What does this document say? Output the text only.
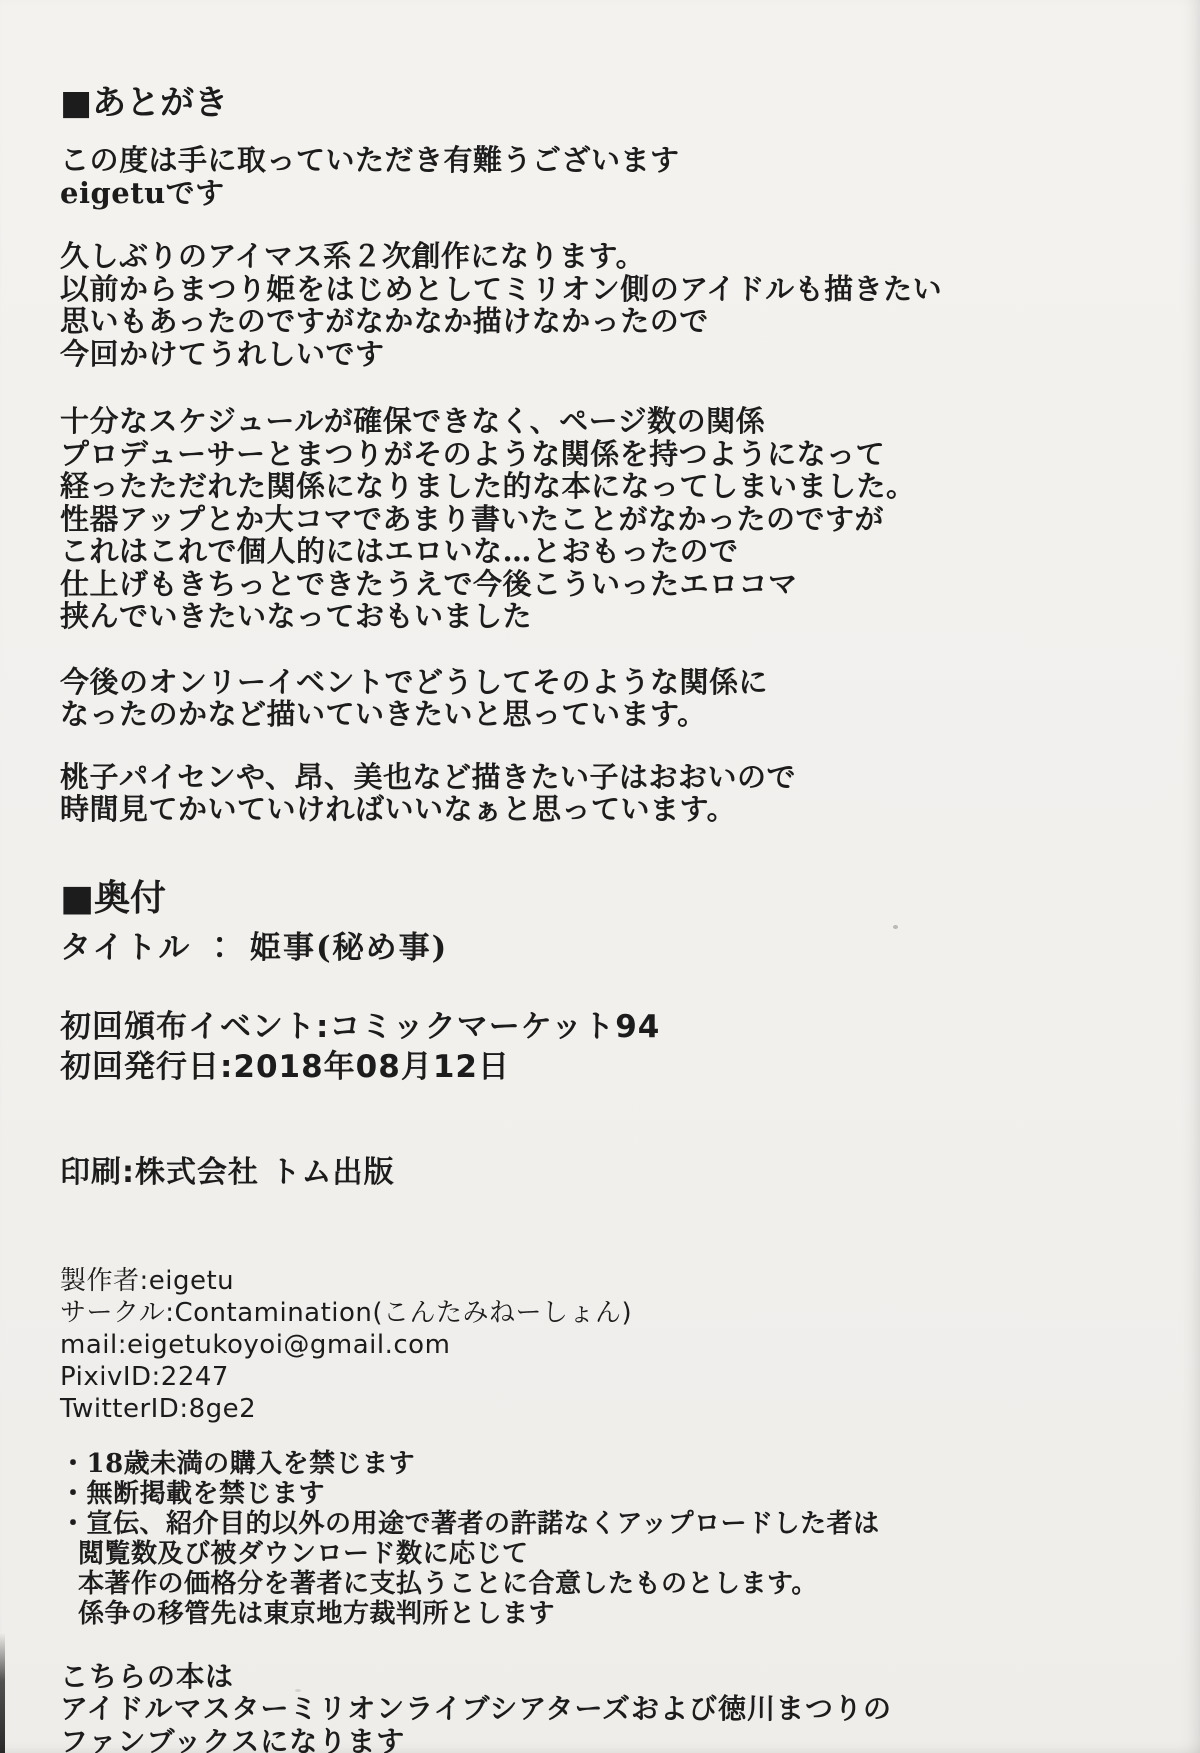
■あとがき

この度は手に取っていただき有難うございます
eigetuです

久しぶりのアイマス系２次創作になります。
以前からまつり姫をはじめとしてミリオン側のアイドルも描きたい
思いもあったのですがなかなか描けなかったので
今回かけてうれしいです

十分なスケジュールが確保できなく、ページ数の関係
プロデューサーとまつりがそのような関係を持つようになって
経ったただれた関係になりました的な本になってしまいました。
性器アップとか大コマであまり書いたことがなかったのですが
これはこれで個人的にはエロいな…とおもったので
仕上げもきちっとできたうえで今後こういったエロコマ
挟んでいきたいなっておもいました

今後のオンリーイベントでどうしてそのような関係に
なったのかなど描いていきたいと思っています。

桃子パイセンや、昂、美也など描きたい子はおおいので
時間見てかいていければいいなぁと思っています。

■奥付

タイトル ： 姫事(秘め事)

初回頒布イベント:コミックマーケット94
初回発行日:2018年08月12日

印刷:株式会社 トム出版

製作者:eigetu
サークル:Contamination(こんたみねーしょん)
mail:eigetukoyoi@gmail.com
PixivID:2247
TwitterID:8ge2
・18歳未満の購入を禁じます
・無断掲載を禁じます
・宣伝、紹介目的以外の用途で著者の許諾なくアップロードした者は
閲覧数及び被ダウンロード数に応じて
本著作の価格分を著者に支払うことに合意したものとします。
係争の移管先は東京地方裁判所とします
こちらの本は
アイドルマスターミリオンライブシアターズおよび徳川まつりの
ファンブックスになります
